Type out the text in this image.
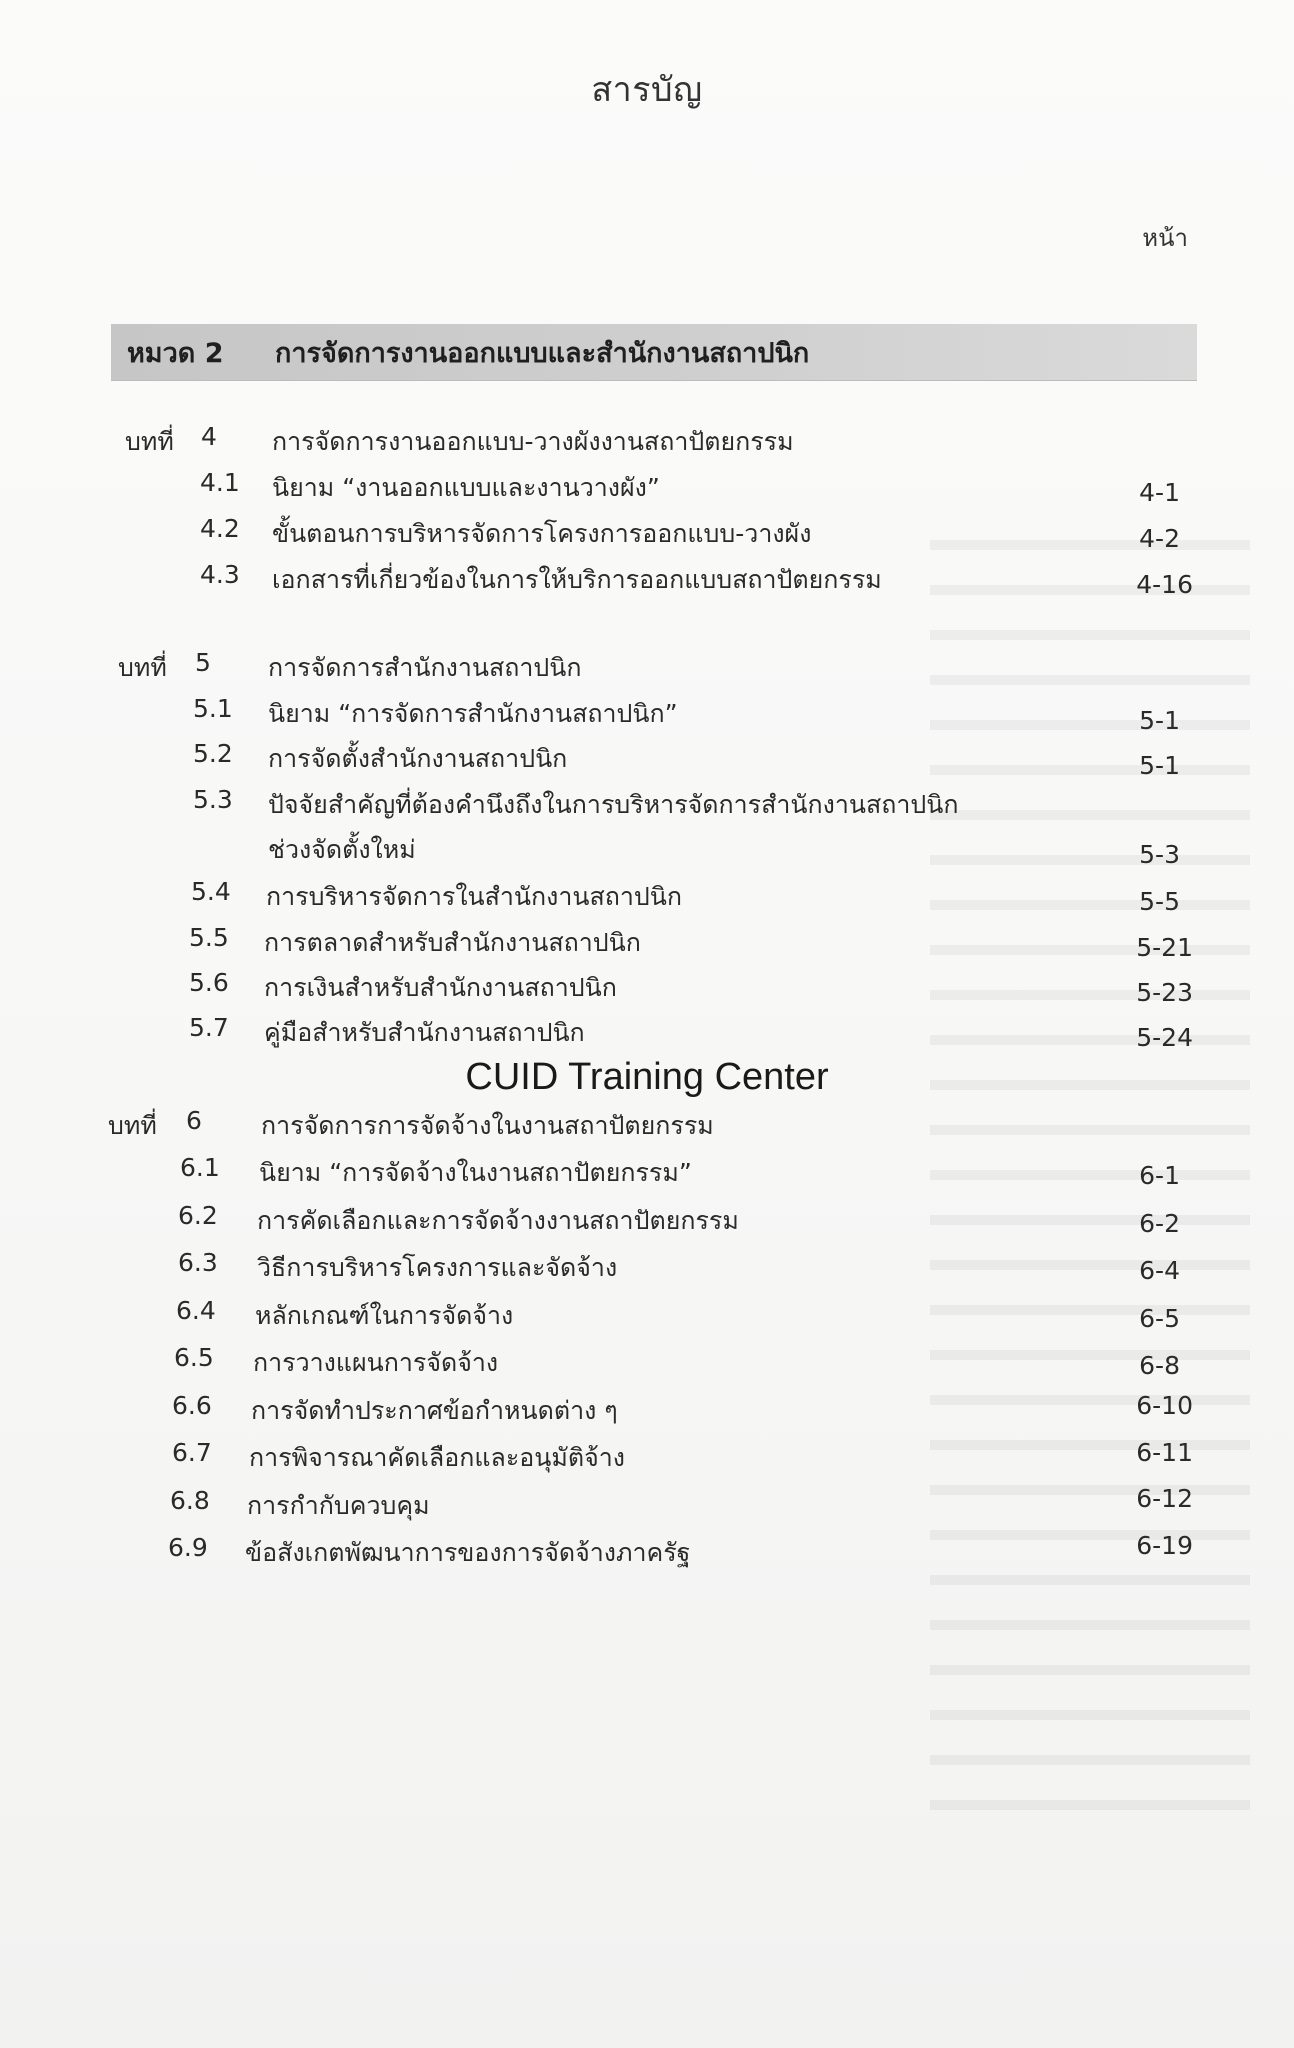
สารบัญ
หน้า
หมวด 2 การจัดการงานออกแบบและสำนักงานสถาปนิก
บทที่ 4 การจัดการงานออกแบบ-วางผังงานสถาปัตยกรรม
4.1 นิยาม “งานออกแบบและงานวางผัง”	4-1
4.2 ขั้นตอนการบริหารจัดการโครงการออกแบบ-วางผัง	4-2
4.3 เอกสารที่เกี่ยวข้องในการให้บริการออกแบบสถาปัตยกรรม	4-16
บทที่ 5 การจัดการสำนักงานสถาปนิก
5.1 นิยาม “การจัดการสำนักงานสถาปนิก”	5-1
5.2 การจัดตั้งสำนักงานสถาปนิก	5-1
5.3 ปัจจัยสำคัญที่ต้องคำนึงถึงในการบริหารจัดการสำนักงานสถาปนิก
ช่วงจัดตั้งใหม่	5-3
5.4 การบริหารจัดการในสำนักงานสถาปนิก	5-5
5.5 การตลาดสำหรับสำนักงานสถาปนิก	5-21
5.6 การเงินสำหรับสำนักงานสถาปนิก	5-23
5.7 คู่มือสำหรับสำนักงานสถาปนิก	5-24
CUID Training Center
บทที่ 6 การจัดการการจัดจ้างในงานสถาปัตยกรรม
6.1 นิยาม “การจัดจ้างในงานสถาปัตยกรรม”	6-1
6.2 การคัดเลือกและการจัดจ้างงานสถาปัตยกรรม	6-2
6.3 วิธีการบริหารโครงการและจัดจ้าง	6-4
6.4 หลักเกณฑ์ในการจัดจ้าง	6-5
6.5 การวางแผนการจัดจ้าง	6-8
6.6 การจัดทำประกาศข้อกำหนดต่าง ๆ	6-10
6.7 การพิจารณาคัดเลือกและอนุมัติจ้าง	6-11
6.8 การกำกับควบคุม	6-12
6.9 ข้อสังเกตพัฒนาการของการจัดจ้างภาครัฐ	6-19
